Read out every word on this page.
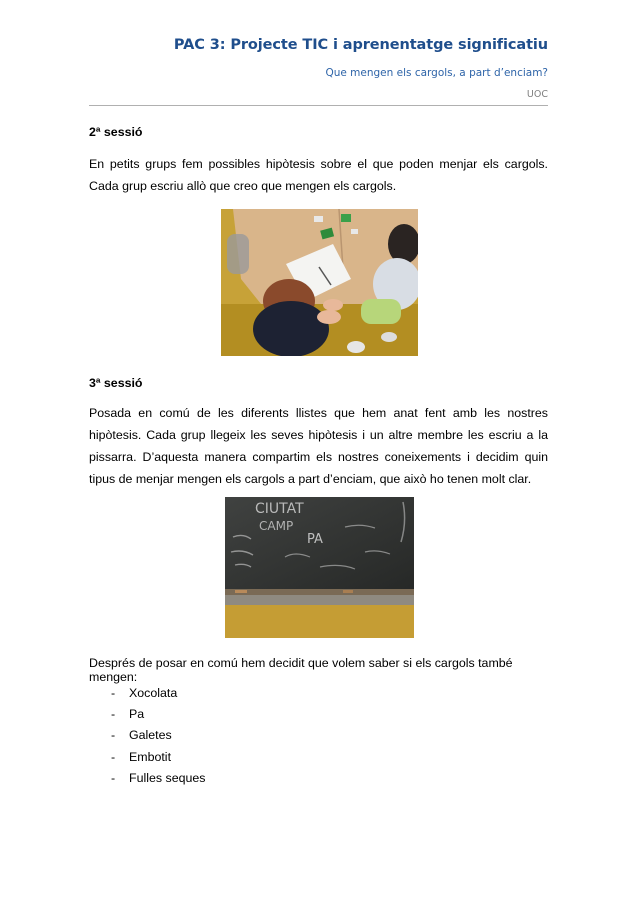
PAC 3: Projecte TIC i aprenentatge significatiu
Que mengen els cargols, a part d’enciam?
UOC
2ª sessió
En petits grups fem possibles hipòtesis sobre el que poden menjar els cargols. Cada grup escriu allò que creo que mengen els cargols.
3ª sessió
Posada en comú de les diferents llistes que hem anat fent amb les nostres hipòtesis. Cada grup llegeix les seves hipòtesis i un altre membre les escriu a la pissarra. D’aquesta manera compartim els nostres coneixements i decidim quin tipus de menjar mengen els cargols a part d’enciam, que això ho tenen molt clar.
CIUTAT
CAMP
PA
Després de posar en comú hem decidit que volem saber si els cargols també mengen:
- Xocolata
- Pa
- Galetes
- Embotit
- Fulles seques
